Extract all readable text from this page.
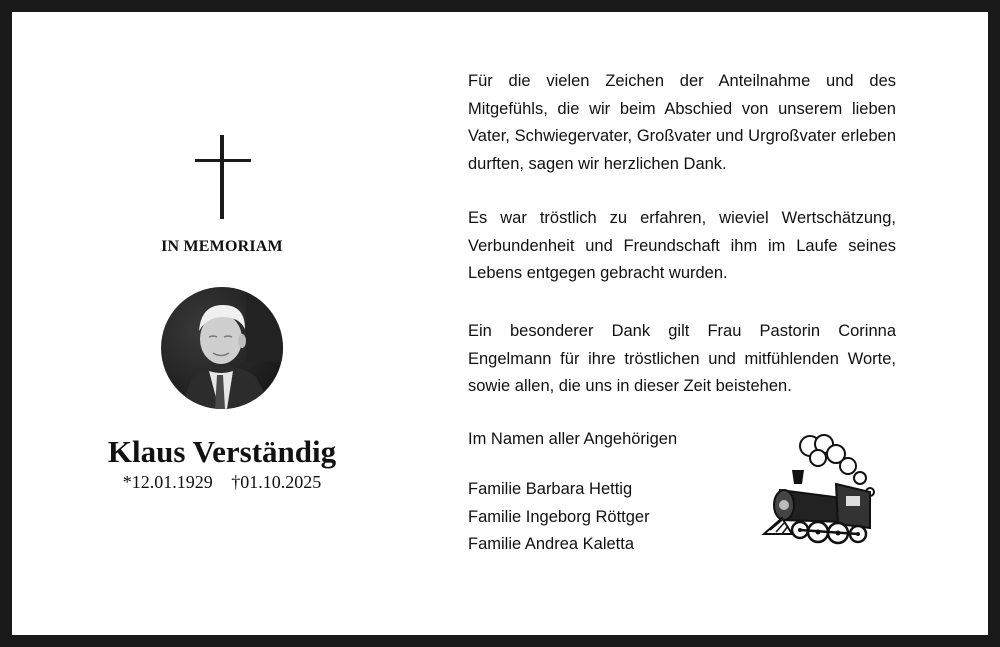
IN MEMORIAM
Klaus Verständig
*12.01.1929 †01.10.2025

Für die vielen Zeichen der Anteilnahme und des Mitgefühls, die wir beim Abschied von unserem lieben Vater, Schwiegervater, Großvater und Urgroßvater erleben durften, sagen wir herzlichen Dank.

Es war tröstlich zu erfahren, wieviel Wertschätzung, Verbundenheit und Freundschaft ihm im Laufe seines Lebens entgegen gebracht wurden.

Ein besonderer Dank gilt Frau Pastorin Corinna Engelmann für ihre tröstlichen und mitfühlenden Worte, sowie allen, die uns in dieser Zeit beistehen.

Im Namen aller Angehörigen
Familie Barbara Hettig
Familie Ingeborg Röttger
Familie Andrea Kaletta
